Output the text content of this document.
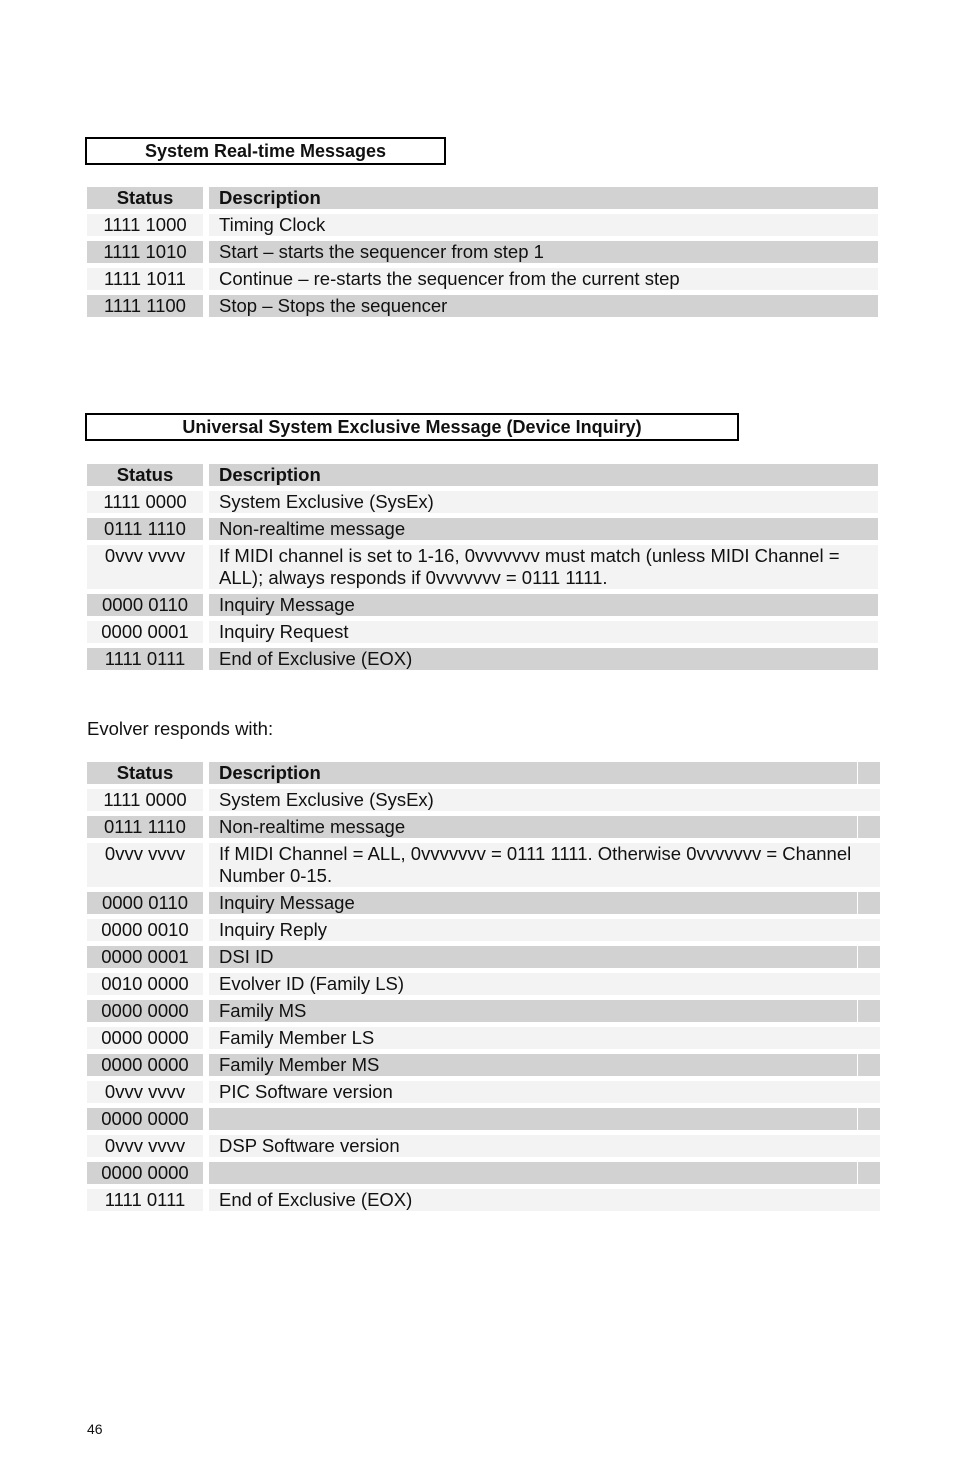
System Real-time Messages
Status	Description
1111 1000	Timing Clock
1111 1010	Start – starts the sequencer from step 1
1111 1011	Continue – re-starts the sequencer from the current step
1111 1100	Stop – Stops the sequencer
Universal System Exclusive Message (Device Inquiry)
Status	Description
1111 0000	System Exclusive (SysEx)
0111 1110	Non-realtime message
0vvv vvvv	If MIDI channel is set to 1-16, 0vvvvvvv must match (unless MIDI Channel = ALL); always responds if 0vvvvvvv = 0111 1111.
0000 0110	Inquiry Message
0000 0001	Inquiry Request
1111 0111	End of Exclusive (EOX)
Evolver responds with:
Status	Description
1111 0000	System Exclusive (SysEx)
0111 1110	Non-realtime message
0vvv vvvv	If MIDI Channel = ALL, 0vvvvvvv = 0111 1111. Otherwise 0vvvvvvv = Channel Number 0-15.
0000 0110	Inquiry Message
0000 0010	Inquiry Reply
0000 0001	DSI ID
0010 0000	Evolver ID (Family LS)
0000 0000	Family MS
0000 0000	Family Member LS
0000 0000	Family Member MS
0vvv vvvv	PIC Software version
0000 0000
0vvv vvvv	DSP Software version
0000 0000
1111 0111	End of Exclusive (EOX)
46
